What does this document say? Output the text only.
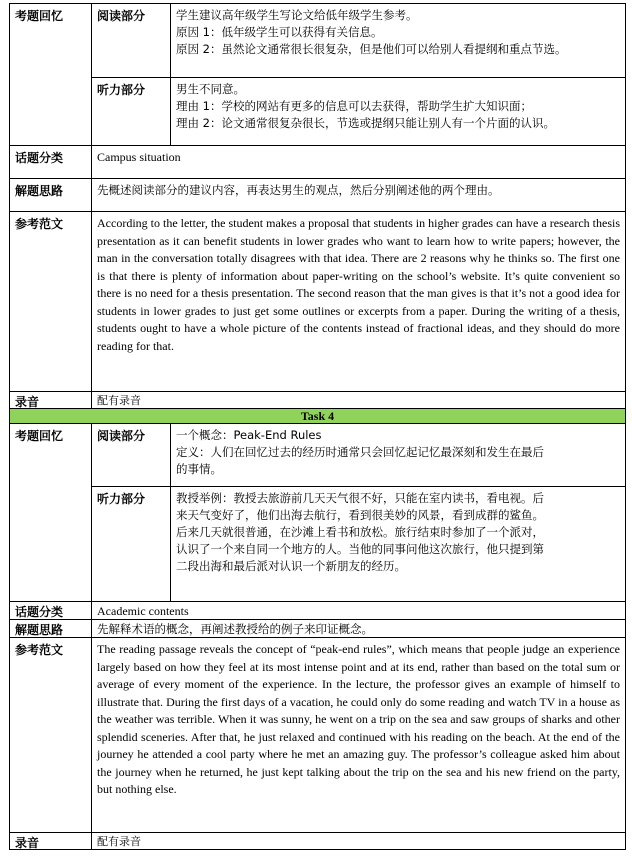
考题回忆	阅读部分	学生建议高年级学生写论文给低年级学生参考。
原因 1：低年级学生可以获得有关信息。
原因 2：虽然论文通常很长很复杂，但是他们可以给别人看提纲和重点节选。
听力部分	男生不同意。
理由 1：学校的网站有更多的信息可以去获得，帮助学生扩大知识面；
理由 2：论文通常很复杂很长，节选或提纲只能让别人有一个片面的认识。
话题分类	Campus situation
解题思路	先概述阅读部分的建议内容，再表达男生的观点，然后分别阐述他的两个理由。
参考范文	According to the letter, the student makes a proposal that students in higher grades can have a research thesis presentation as it can benefit students in lower grades who want to learn how to write papers; however, the man in the conversation totally disagrees with that idea. There are 2 reasons why he thinks so. The first one is that there is plenty of information about paper-writing on the school’s website. It’s quite convenient so there is no need for a thesis presentation. The second reason that the man gives is that it’s not a good idea for students in lower grades to just get some outlines or excerpts from a paper. During the writing of a thesis, students ought to have a whole picture of the contents instead of fractional ideas, and they should do more reading for that.
录音	配有录音
Task 4
考题回忆	阅读部分	一个概念：Peak-End Rules
定义：人们在回忆过去的经历时通常只会回忆起记忆最深刻和发生在最后
的事情。
听力部分	教授举例：教授去旅游前几天天气很不好，只能在室内读书，看电视。后
来天气变好了，他们出海去航行，看到很美妙的风景，看到成群的鲨鱼。
后来几天就很普通，在沙滩上看书和放松。旅行结束时参加了一个派对，
认识了一个来自同一个地方的人。当他的同事问他这次旅行，他只提到第
二段出海和最后派对认识一个新朋友的经历。
话题分类	Academic contents
解题思路	先解释术语的概念，再阐述教授给的例子来印证概念。
参考范文	The reading passage reveals the concept of “peak-end rules”, which means that people judge an experience largely based on how they feel at its most intense point and at its end, rather than based on the total sum or average of every moment of the experience. In the lecture, the professor gives an example of himself to illustrate that. During the first days of a vacation, he could only do some reading and watch TV in a house as the weather was terrible. When it was sunny, he went on a trip on the sea and saw groups of sharks and other splendid sceneries. After that, he just relaxed and continued with his reading on the beach. At the end of the journey he attended a cool party where he met an amazing guy. The professor’s colleague asked him about the journey when he returned, he just kept talking about the trip on the sea and his new friend on the party, but nothing else.
录音	配有录音
